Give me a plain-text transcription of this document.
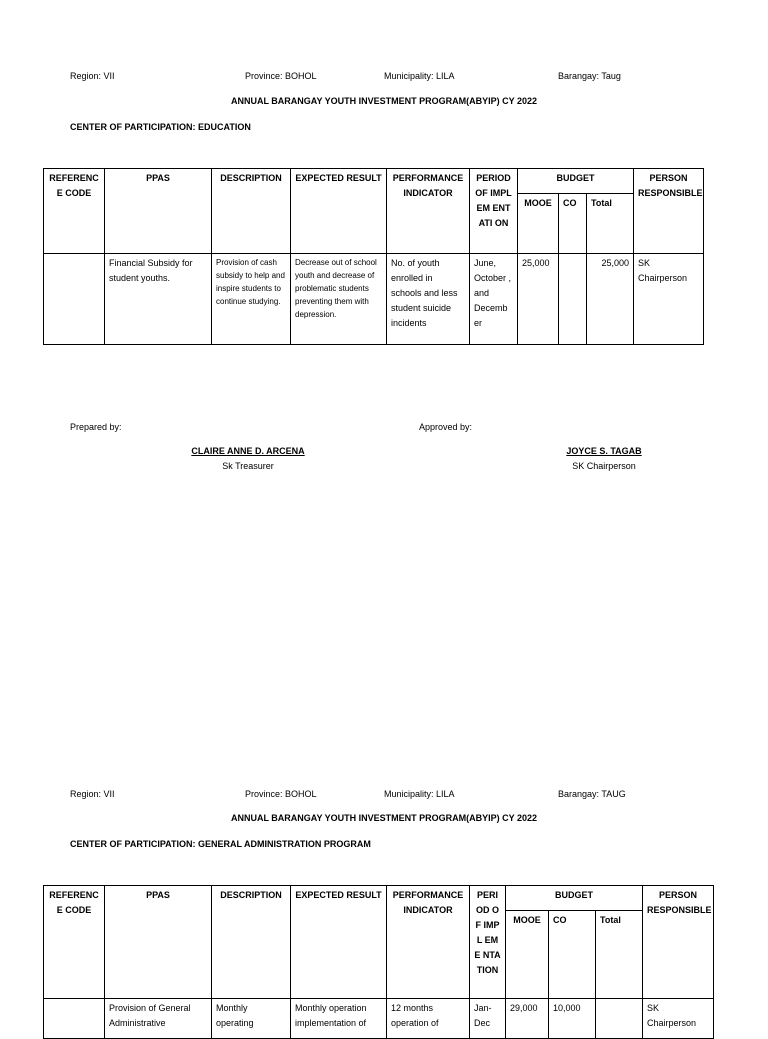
Region: VII	Province: BOHOL	Municipality: LILA	Barangay: Taug
ANNUAL BARANGAY YOUTH INVESTMENT PROGRAM(ABYIP) CY 2022
CENTER OF PARTICIPATION: EDUCATION
REFERENC E CODE	PPAS	DESCRIPTION	EXPECTED RESULT	PERFORMANCE INDICATOR	PERIOD OF IMPLEM ENTATI ON	BUDGET			PERSON RESPONSIBLE
						MOOE	CO	Total	
	Financial Subsidy for student youths.	Provision of cash subsidy to help and inspire students to continue studying.	Decrease out of school youth and decrease of problematic students preventing them with depression.	No. of youth enrolled in schools and less student suicide incidents	June, October , and Decemb er	25,000		25,000	SK Chairperson
Prepared by:	Approved by:
CLAIRE ANNE D. ARCENA
Sk Treasurer
JOYCE S. TAGAB
SK Chairperson
Region: VII	Province: BOHOL	Municipality: LILA	Barangay: TAUG
ANNUAL BARANGAY YOUTH INVESTMENT PROGRAM(ABYIP) CY 2022
CENTER OF PARTICIPATION: GENERAL ADMINISTRATION PROGRAM
REFERENC E CODE	PPAS	DESCRIPTION	EXPECTED RESULT	PERFORMANCE INDICATOR	PERI OD OF IMPL EME NTA TION	BUDGET			PERSON RESPONSIBLE
						MOOE	CO	Total	
	Provision of General Administrative	Monthly operating	Monthly operation implementation of	12 months operation of	Jan- Dec	29,000	10,000		SK Chairperson
